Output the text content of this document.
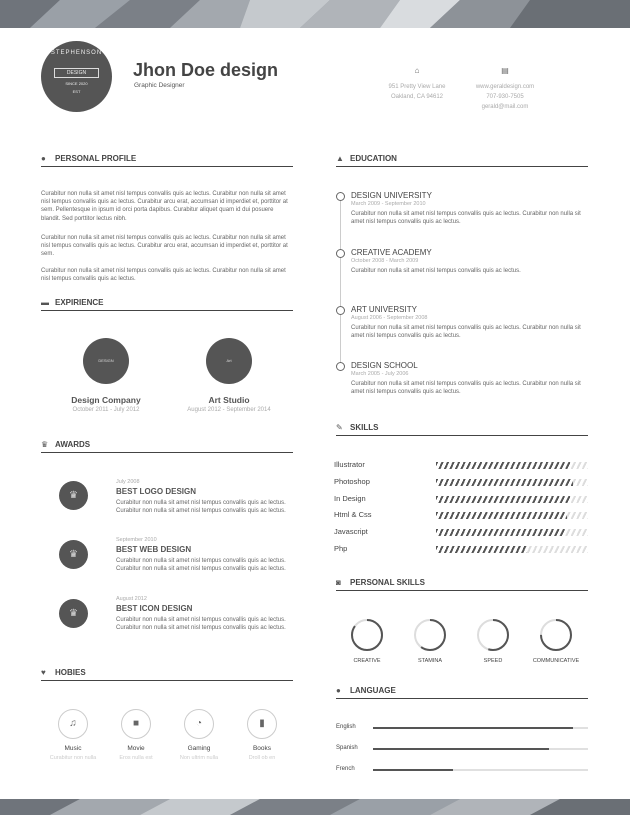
STEPHENSON
DESIGN
SINCE 2020
EST
Jhon Doe design
Graphic Designer
⌂
951 Pretty View Lane
Oakland, CA 94612
▤
www.geraldesign.com
707-930-7505
gerald@mail.com
●	PERSONAL PROFILE
Curabitur non nulla sit amet nisl tempus convallis quis ac lectus. Curabitur non nulla sit amet nisl tempus convallis quis ac lectus. Curabitur arcu erat, accumsan id imperdiet et, porttitor at sem. Pellentesque in ipsum id orci porta dapibus. Curabitur aliquet quam id dui posuere blandit. Sed porttitor lectus nibh.
Curabitur non nulla sit amet nisl tempus convallis quis ac lectus. Curabitur non nulla sit amet nisl tempus convallis quis ac lectus. Curabitur arcu erat, accumsan id imperdiet et, porttitor at sem.
Curabitur non nulla sit amet nisl tempus convallis quis ac lectus. Curabitur non nulla sit amet nisl tempus convallis quis ac lectus.
▬ EXPIRIENCE
DESIGN
Design Company
October 2011 - July 2012
Art
Art Studio
August 2012 - September 2014
♛ AWARDS
♛
July 2008
BEST LOGO DESIGN
Curabitur non nulla sit amet nisl tempus convallis quis ac lectus. Curabitur non nulla sit amet nisl tempus convallis quis ac lectus.
♛
September 2010
BEST WEB DESIGN
Curabitur non nulla sit amet nisl tempus convallis quis ac lectus. Curabitur non nulla sit amet nisl tempus convallis quis ac lectus.
♛
August 2012
BEST ICON DESIGN
Curabitur non nulla sit amet nisl tempus convallis quis ac lectus. Curabitur non nulla sit amet nisl tempus convallis quis ac lectus.
♥	HOBIES
♫
Music
Curabitur non nulla
■
Movie
Eros nulla est
◔
Gaming
Non ultrim nulla
▮
Books
Droll ob en
▲ EDUCATION
DESIGN UNIVERSITY
March 2009 - September 2010
Curabitur non nulla sit amet nisl tempus convallis quis ac lectus. Curabitur non nulla sit amet nisl tempus convallis quis ac lectus.
CREATIVE ACADEMY
October 2008 - March 2009
Curabitur non nulla sit amet nisl tempus convallis quis ac lectus.
ART UNIVERSITY
August 2006 - September 2008
Curabitur non nulla sit amet nisl tempus convallis quis ac lectus. Curabitur non nulla sit amet nisl tempus convallis quis ac lectus.
DESIGN SCHOOL
March 2005 - July 2006
Curabitur non nulla sit amet nisl tempus convallis quis ac lectus. Curabitur non nulla sit amet nisl tempus convallis quis ac lectus.
✎ SKILLS
Illustrator
Photoshop
In Design
Html & Css
Javascript
Php
◙	PERSONAL SKILLS
CREATIVE	STAMINA	SPEED	COMMUNICATIVE
●	LANGUAGE
English
Spanish
French
